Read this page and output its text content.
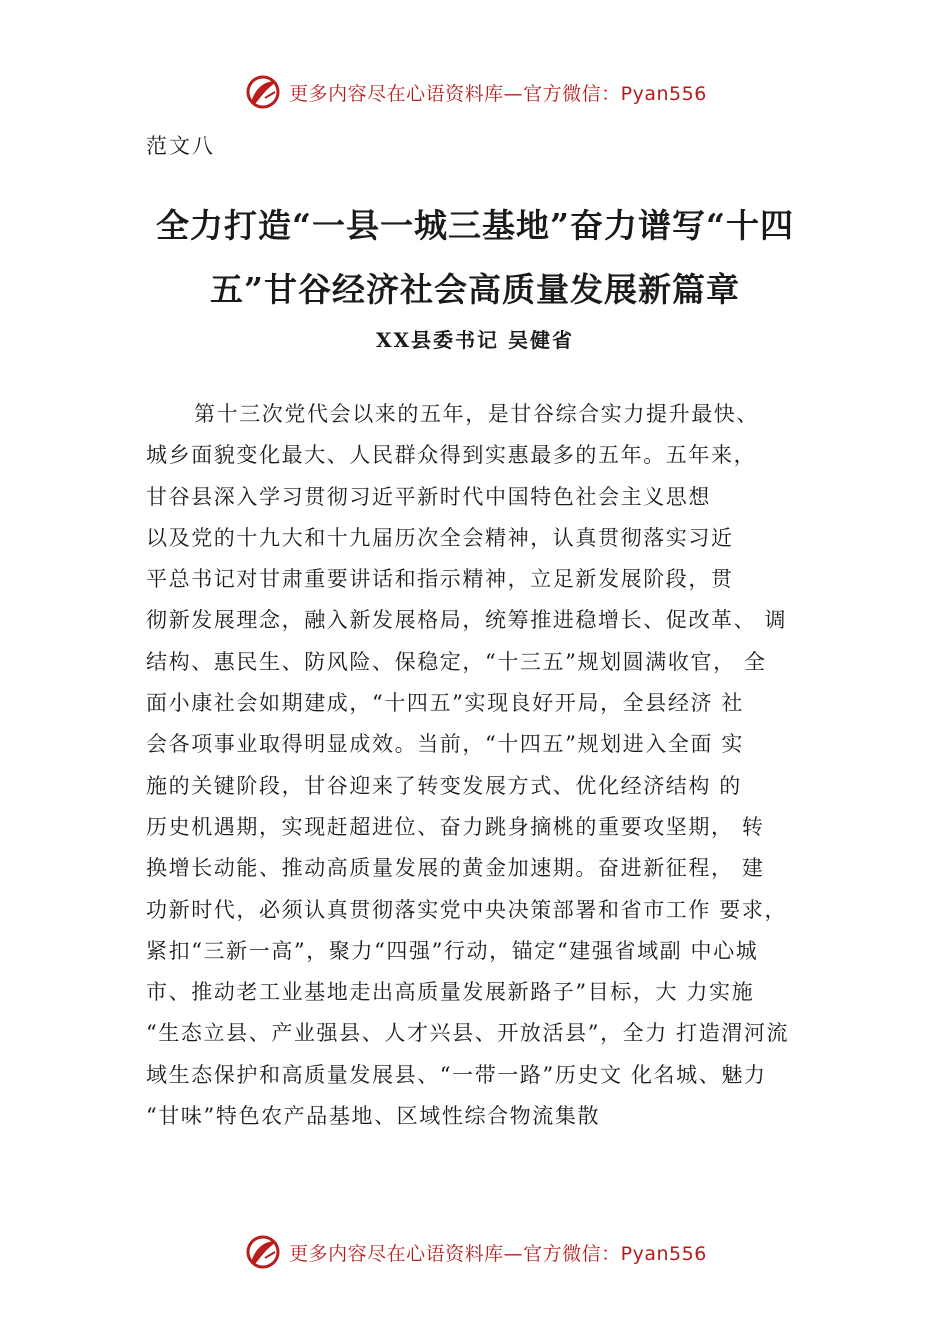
更多内容尽在心语资料库—官方微信：Pyan556
范文八
全力打造“一县一城三基地”奋力谱写“十四
五”甘谷经济社会高质量发展新篇章
XX县委书记 吴健省
第十三次党代会以来的五年，是甘谷综合实力提升最快、
城乡面貌变化最大、人民群众得到实惠最多的五年。五年来，
甘谷县深入学习贯彻习近平新时代中国特色社会主义思想
以及党的十九大和十九届历次全会精神，认真贯彻落实习近
平总书记对甘肃重要讲话和指示精神，立足新发展阶段，贯
彻新发展理念，融入新发展格局，统筹推进稳增长、促改革、 调
结构、惠民生、防风险、保稳定，“十三五”规划圆满收官， 全
面小康社会如期建成，“十四五”实现良好开局，全县经济 社
会各项事业取得明显成效。当前，“十四五”规划进入全面 实
施的关键阶段，甘谷迎来了转变发展方式、优化经济结构 的
历史机遇期，实现赶超进位、奋力跳身摘桃的重要攻坚期， 转
换增长动能、推动高质量发展的黄金加速期。奋进新征程， 建
功新时代，必须认真贯彻落实党中央决策部署和省市工作 要求，
紧扣“三新一高”，聚力“四强”行动，锚定“建强省域副 中心城
市、推动老工业基地走出高质量发展新路子”目标，大 力实施
“生态立县、产业强县、人才兴县、开放活县”，全力 打造渭河流
域生态保护和高质量发展县、“一带一路”历史文 化名城、魅力
“甘味”特色农产品基地、区域性综合物流集散
更多内容尽在心语资料库—官方微信：Pyan556
